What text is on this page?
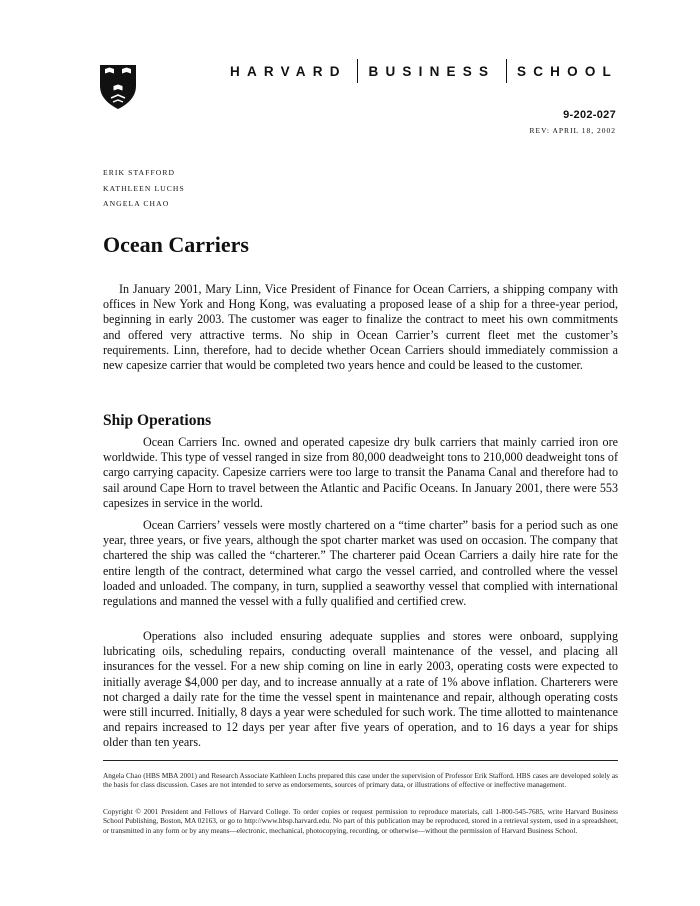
HARVARD BUSINESS SCHOOL
9-202-027
REV: APRIL 18, 2002
ERIK STAFFORD
KATHLEEN LUCHS
ANGELA CHAO
Ocean Carriers

In January 2001, Mary Linn, Vice President of Finance for Ocean Carriers, a shipping company with offices in New York and Hong Kong, was evaluating a proposed lease of a ship for a three-year period, beginning in early 2003. The customer was eager to finalize the contract to meet his own commitments and offered very attractive terms. No ship in Ocean Carrier’s current fleet met the customer’s requirements. Linn, therefore, had to decide whether Ocean Carriers should immediately commission a new capesize carrier that would be completed two years hence and could be leased to the customer.

Ship Operations

Ocean Carriers Inc. owned and operated capesize dry bulk carriers that mainly carried iron ore worldwide. This type of vessel ranged in size from 80,000 deadweight tons to 210,000 deadweight tons of cargo carrying capacity. Capesize carriers were too large to transit the Panama Canal and therefore had to sail around Cape Horn to travel between the Atlantic and Pacific Oceans. In January 2001, there were 553 capesizes in service in the world.

Ocean Carriers’ vessels were mostly chartered on a “time charter” basis for a period such as one year, three years, or five years, although the spot charter market was used on occasion. The company that chartered the ship was called the “charterer.” The charterer paid Ocean Carriers a daily hire rate for the entire length of the contract, determined what cargo the vessel carried, and controlled where the vessel loaded and unloaded. The company, in turn, supplied a seaworthy vessel that complied with international regulations and manned the vessel with a fully qualified and certified crew.

Operations also included ensuring adequate supplies and stores were onboard, supplying lubricating oils, scheduling repairs, conducting overall maintenance of the vessel, and placing all insurances for the vessel. For a new ship coming on line in early 2003, operating costs were expected to initially average $4,000 per day, and to increase annually at a rate of 1% above inflation. Charterers were not charged a daily rate for the time the vessel spent in maintenance and repair, although operating costs were still incurred. Initially, 8 days a year were scheduled for such work. The time allotted to maintenance and repairs increased to 12 days per year after five years of operation, and to 16 days a year for ships older than ten years.

Angela Chao (HBS MBA 2001) and Research Associate Kathleen Luchs prepared this case under the supervision of Professor Erik Stafford. HBS cases are developed solely as the basis for class discussion. Cases are not intended to serve as endorsements, sources of primary data, or illustrations of effective or ineffective management.

Copyright © 2001 President and Fellows of Harvard College. To order copies or request permission to reproduce materials, call 1-800-545-7685, write Harvard Business School Publishing, Boston, MA 02163, or go to http://www.hbsp.harvard.edu. No part of this publication may be reproduced, stored in a retrieval system, used in a spreadsheet, or transmitted in any form or by any means—electronic, mechanical, photocopying, recording, or otherwise—without the permission of Harvard Business School.
